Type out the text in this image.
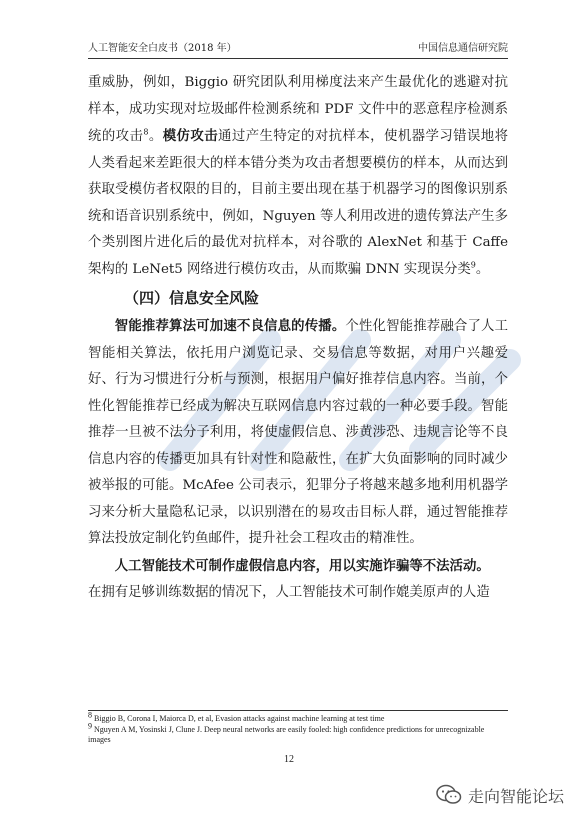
人工智能安全白皮书（2018 年）	中国信息通信研究院

重威胁，例如，Biggio 研究团队利用梯度法来产生最优化的逃避对抗样本，成功实现对垃圾邮件检测系统和 PDF 文件中的恶意程序检测系统的攻击$^8$。模仿攻击通过产生特定的对抗样本，使机器学习错误地将人类看起来差距很大的样本错分类为攻击者想要模仿的样本，从而达到获取受模仿者权限的目的，目前主要出现在基于机器学习的图像识别系统和语音识别系统中，例如，Nguyen 等人利用改进的遗传算法产生多个类别图片进化后的最优对抗样本，对谷歌的 AlexNet 和基于 Caffe 架构的 LeNet5 网络进行模仿攻击，从而欺骗 DNN 实现误分类$^9$。

（四）信息安全风险

智能推荐算法可加速不良信息的传播。个性化智能推荐融合了人工智能相关算法，依托用户浏览记录、交易信息等数据，对用户兴趣爱好、行为习惯进行分析与预测，根据用户偏好推荐信息内容。当前，个性化智能推荐已经成为解决互联网信息内容过载的一种必要手段。智能推荐一旦被不法分子利用，将使虚假信息、涉黄涉恐、违规言论等不良信息内容的传播更加具有针对性和隐蔽性，在扩大负面影响的同时减少被举报的可能。McAfee 公司表示，犯罪分子将越来越多地利用机器学习来分析大量隐私记录，以识别潜在的易攻击目标人群，通过智能推荐算法投放定制化钓鱼邮件，提升社会工程攻击的精准性。

人工智能技术可制作虚假信息内容，用以实施诈骗等不法活动。

在拥有足够训练数据的情况下，人工智能技术可制作媲美原声的人造

$^8$ Biggio B, Corona I, Maiorca D, et al, Evasion attacks against machine learning at test time

$^9$ Nguyen A M, Yosinski J, Clune J. Deep neural networks are easily fooled: high confidence predictions for unrecognizable images

12
走向智能论坛
